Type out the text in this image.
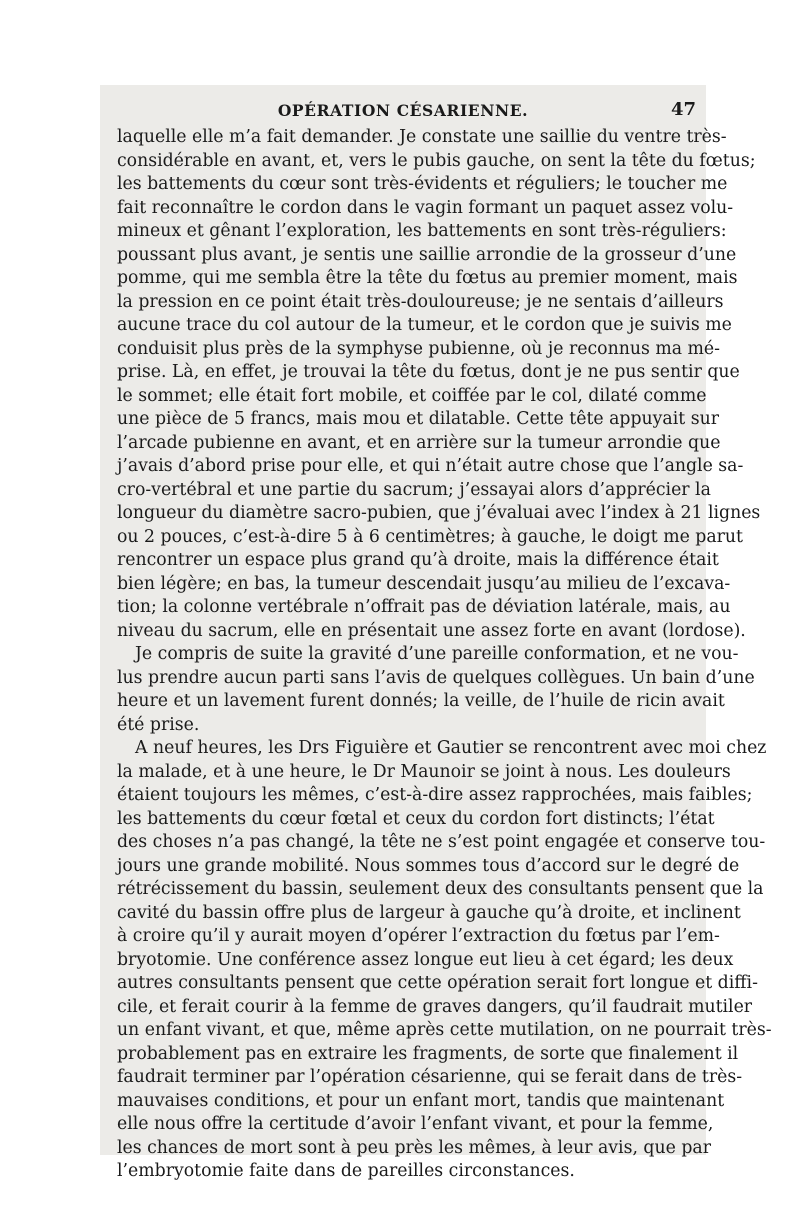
OPÉRATION CÉSARIENNE.	47
laquelle elle m’a fait demander. Je constate une saillie du ventre très-
considérable en avant, et, vers le pubis gauche, on sent la tête du fœtus;
les battements du cœur sont très-évidents et réguliers; le toucher me
fait reconnaître le cordon dans le vagin formant un paquet assez volu-
mineux et gênant l’exploration, les battements en sont très-réguliers:
poussant plus avant, je sentis une saillie arrondie de la grosseur d’une
pomme, qui me sembla être la tête du fœtus au premier moment, mais
la pression en ce point était très-douloureuse; je ne sentais d’ailleurs
aucune trace du col autour de la tumeur, et le cordon que je suivis me
conduisit plus près de la symphyse pubienne, où je reconnus ma mé-
prise. Là, en effet, je trouvai la tête du fœtus, dont je ne pus sentir que
le sommet; elle était fort mobile, et coiffée par le col, dilaté comme
une pièce de 5 francs, mais mou et dilatable. Cette tête appuyait sur
l’arcade pubienne en avant, et en arrière sur la tumeur arrondie que
j’avais d’abord prise pour elle, et qui n’était autre chose que l’angle sa-
cro-vertébral et une partie du sacrum; j’essayai alors d’apprécier la
longueur du diamètre sacro-pubien, que j’évaluai avec l’index à 21 lignes
ou 2 pouces, c’est-à-dire 5 à 6 centimètres; à gauche, le doigt me parut
rencontrer un espace plus grand qu’à droite, mais la différence était
bien légère; en bas, la tumeur descendait jusqu’au milieu de l’excava-
tion; la colonne vertébrale n’offrait pas de déviation latérale, mais, au
niveau du sacrum, elle en présentait une assez forte en avant (lordose).
Je compris de suite la gravité d’une pareille conformation, et ne vou-
lus prendre aucun parti sans l’avis de quelques collègues. Un bain d’une
heure et un lavement furent donnés; la veille, de l’huile de ricin avait
été prise.
A neuf heures, les Drs Figuière et Gautier se rencontrent avec moi chez
la malade, et à une heure, le Dr Maunoir se joint à nous. Les douleurs
étaient toujours les mêmes, c’est-à-dire assez rapprochées, mais faibles;
les battements du cœur fœtal et ceux du cordon fort distincts; l’état
des choses n’a pas changé, la tête ne s’est point engagée et conserve tou-
jours une grande mobilité. Nous sommes tous d’accord sur le degré de
rétrécissement du bassin, seulement deux des consultants pensent que la
cavité du bassin offre plus de largeur à gauche qu’à droite, et inclinent
à croire qu’il y aurait moyen d’opérer l’extraction du fœtus par l’em-
bryotomie. Une conférence assez longue eut lieu à cet égard; les deux
autres consultants pensent que cette opération serait fort longue et diffi-
cile, et ferait courir à la femme de graves dangers, qu’il faudrait mutiler
un enfant vivant, et que, même après cette mutilation, on ne pourrait très-
probablement pas en extraire les fragments, de sorte que finalement il
faudrait terminer par l’opération césarienne, qui se ferait dans de très-
mauvaises conditions, et pour un enfant mort, tandis que maintenant
elle nous offre la certitude d’avoir l’enfant vivant, et pour la femme,
les chances de mort sont à peu près les mêmes, à leur avis, que par
l’embryotomie faite dans de pareilles circonstances.
